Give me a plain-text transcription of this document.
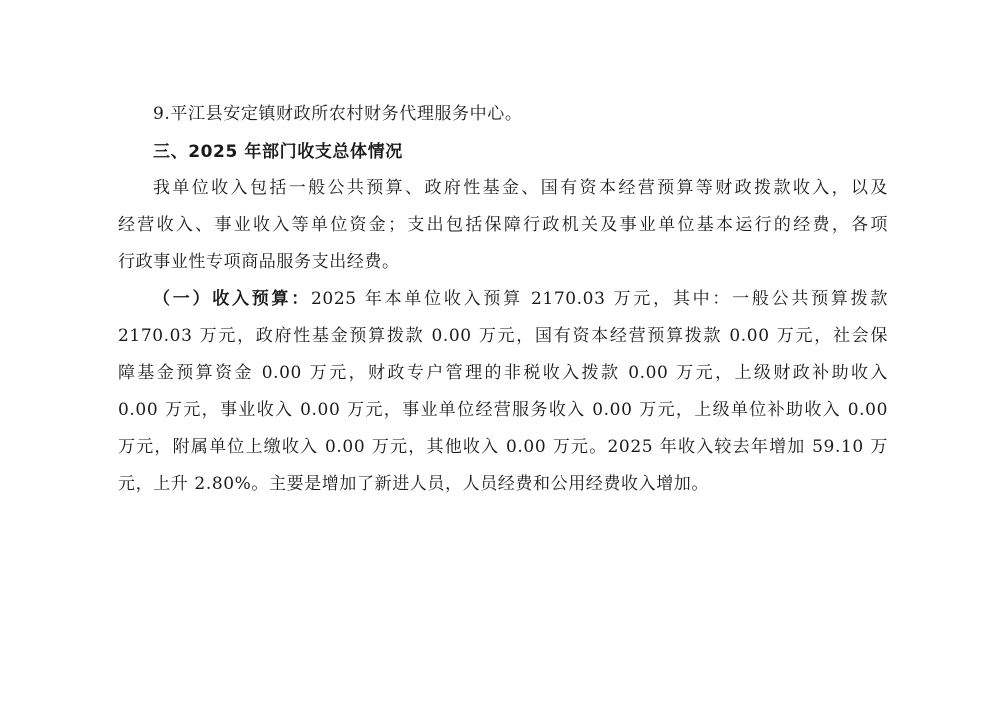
9.平江县安定镇财政所农村财务代理服务中心。
三、2025 年部门收支总体情况
我单位收入包括一般公共预算、政府性基金、国有资本经营预算等财政拨款收入，以及
经营收入、事业收入等单位资金；支出包括保障行政机关及事业单位基本运行的经费，各项
行政事业性专项商品服务支出经费。
（一）收入预算：2025 年本单位收入预算 2170.03 万元，其中：一般公共预算拨款
2170.03 万元，政府性基金预算拨款 0.00 万元，国有资本经营预算拨款 0.00 万元，社会保
障基金预算资金 0.00 万元，财政专户管理的非税收入拨款 0.00 万元，上级财政补助收入
0.00 万元，事业收入 0.00 万元，事业单位经营服务收入 0.00 万元，上级单位补助收入 0.00
万元，附属单位上缴收入 0.00 万元，其他收入 0.00 万元。2025 年收入较去年增加 59.10 万
元，上升 2.80%。主要是增加了新进人员，人员经费和公用经费收入增加。
